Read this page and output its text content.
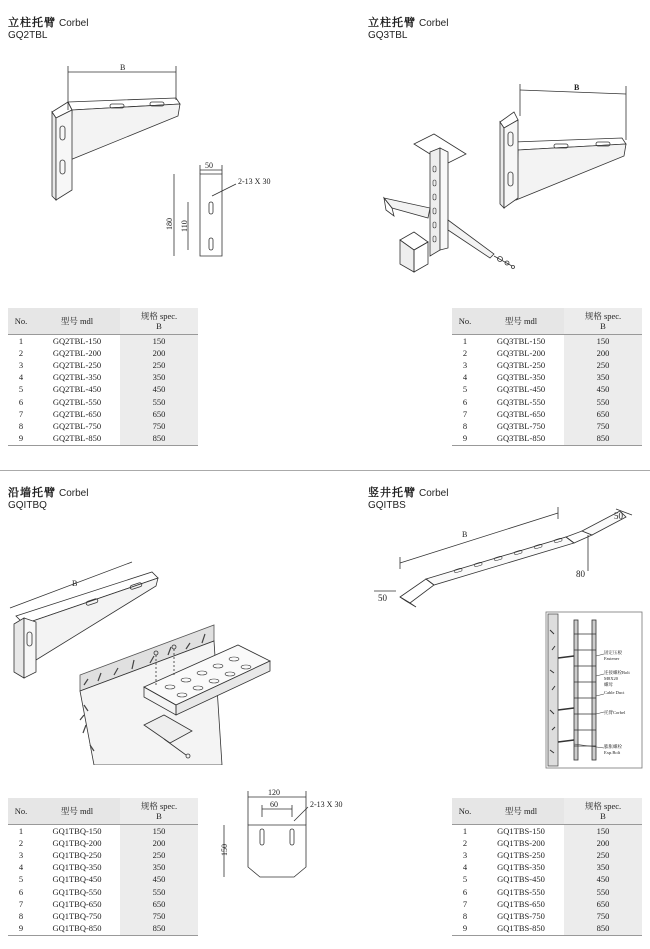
立柱托臂 Corbel
GQ2TBL
立柱托臂 Corbel
GQ3TBL
沿墙托臂 Corbel
GQITBQ
竖井托臂 Corbel
GQITBS
B
50
2-13 X 30
180 110
B
B
120
60	2-13 X 30
150
B
50
80
50
固定压板
Fastener
连接螺栓Bolt
M8X20
螺母
Cable Duct
托臂Corbel
膨胀螺栓
Exp.Bolt
No.	型号 mdl	规格 spec.
B
1	GQ2TBL-150	150
2	GQ2TBL-200	200
3	GQ2TBL-250	250
4	GQ2TBL-350	350
5	GQ2TBL-450	450
6	GQ2TBL-550	550
7	GQ2TBL-650	650
8	GQ2TBL-750	750
9	GQ2TBL-850	850
No.	型号 mdl	规格 spec.
B
1	GQ3TBL-150	150
2	GQ3TBL-200	200
3	GQ3TBL-250	250
4	GQ3TBL-350	350
5	GQ3TBL-450	450
6	GQ3TBL-550	550
7	GQ3TBL-650	650
8	GQ3TBL-750	750
9	GQ3TBL-850	850
No.	型号 mdl	规格 spec.
B
1	GQ1TBQ-150	150
2	GQ1TBQ-200	200
3	GQ1TBQ-250	250
4	GQ1TBQ-350	350
5	GQ1TBQ-450	450
6	GQ1TBQ-550	550
7	GQ1TBQ-650	650
8	GQ1TBQ-750	750
9	GQ1TBQ-850	850
No.	型号 mdl	规格 spec.
B
1	GQ1TBS-150	150
2	GQ1TBS-200	200
3	GQ1TBS-250	250
4	GQ1TBS-350	350
5	GQ1TBS-450	450
6	GQ1TBS-550	550
7	GQ1TBS-650	650
8	GQ1TBS-750	750
9	GQ1TBS-850	850
